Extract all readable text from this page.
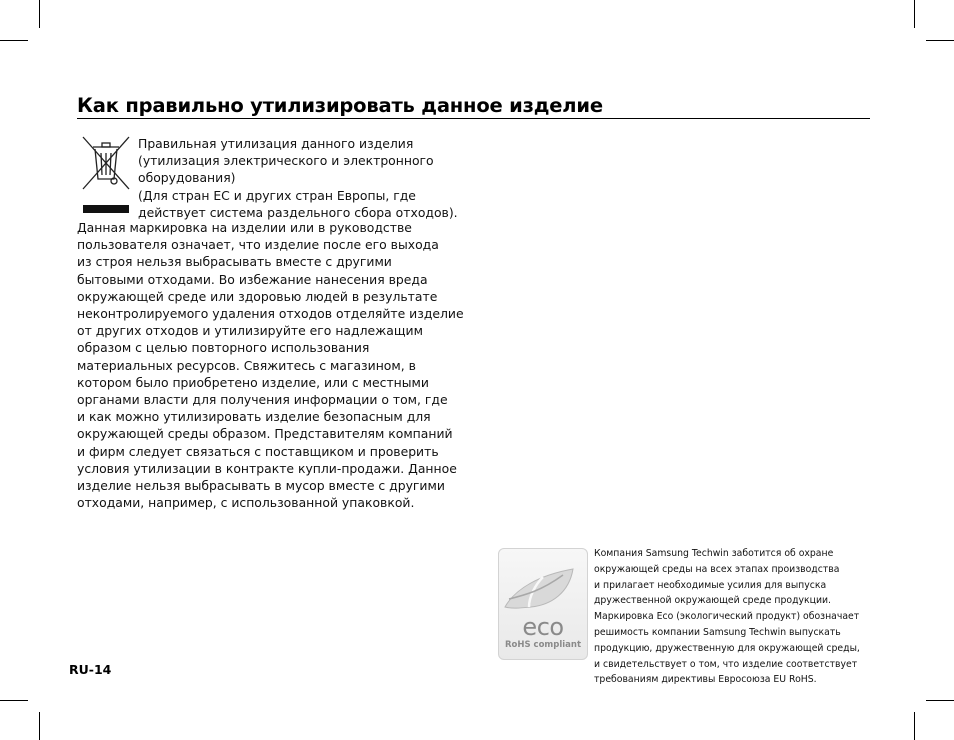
Как правильно утилизировать данное изделие
Правильная утилизация данного изделия
(утилизация электрического и электронного
оборудования)
(Для стран ЕС и других стран Европы, где
действует система раздельного сбора отходов).
Данная маркировка на изделии или в руководстве
пользователя означает, что изделие после его выхода
из строя нельзя выбрасывать вместе с другими
бытовыми отходами. Во избежание нанесения вреда
окружающей среде или здоровью людей в результате
неконтролируемого удаления отходов отделяйте изделие
от других отходов и утилизируйте его надлежащим
образом с целью повторного использования
материальных ресурсов. Свяжитесь с магазином, в
котором было приобретено изделие, или с местными
органами власти для получения информации о том, где
и как можно утилизировать изделие безопасным для
окружающей среды образом. Представителям компаний
и фирм следует связаться с поставщиком и проверить
условия утилизации в контракте купли-продажи. Данное
изделие нельзя выбрасывать в мусор вместе с другими
отходами, например, с использованной упаковкой.
eco
RoHS compliant
Компания Samsung Techwin заботится об охране
окружающей среды на всех этапах производства
и прилагает необходимые усилия для выпуска
дружественной окружающей среде продукции.
Маркировка Eco (экологический продукт) обозначает
решимость компании Samsung Techwin выпускать
продукцию, дружественную для окружающей среды,
и свидетельствует о том, что изделие соответствует
требованиям директивы Евросоюза EU RoHS.
RU-14
